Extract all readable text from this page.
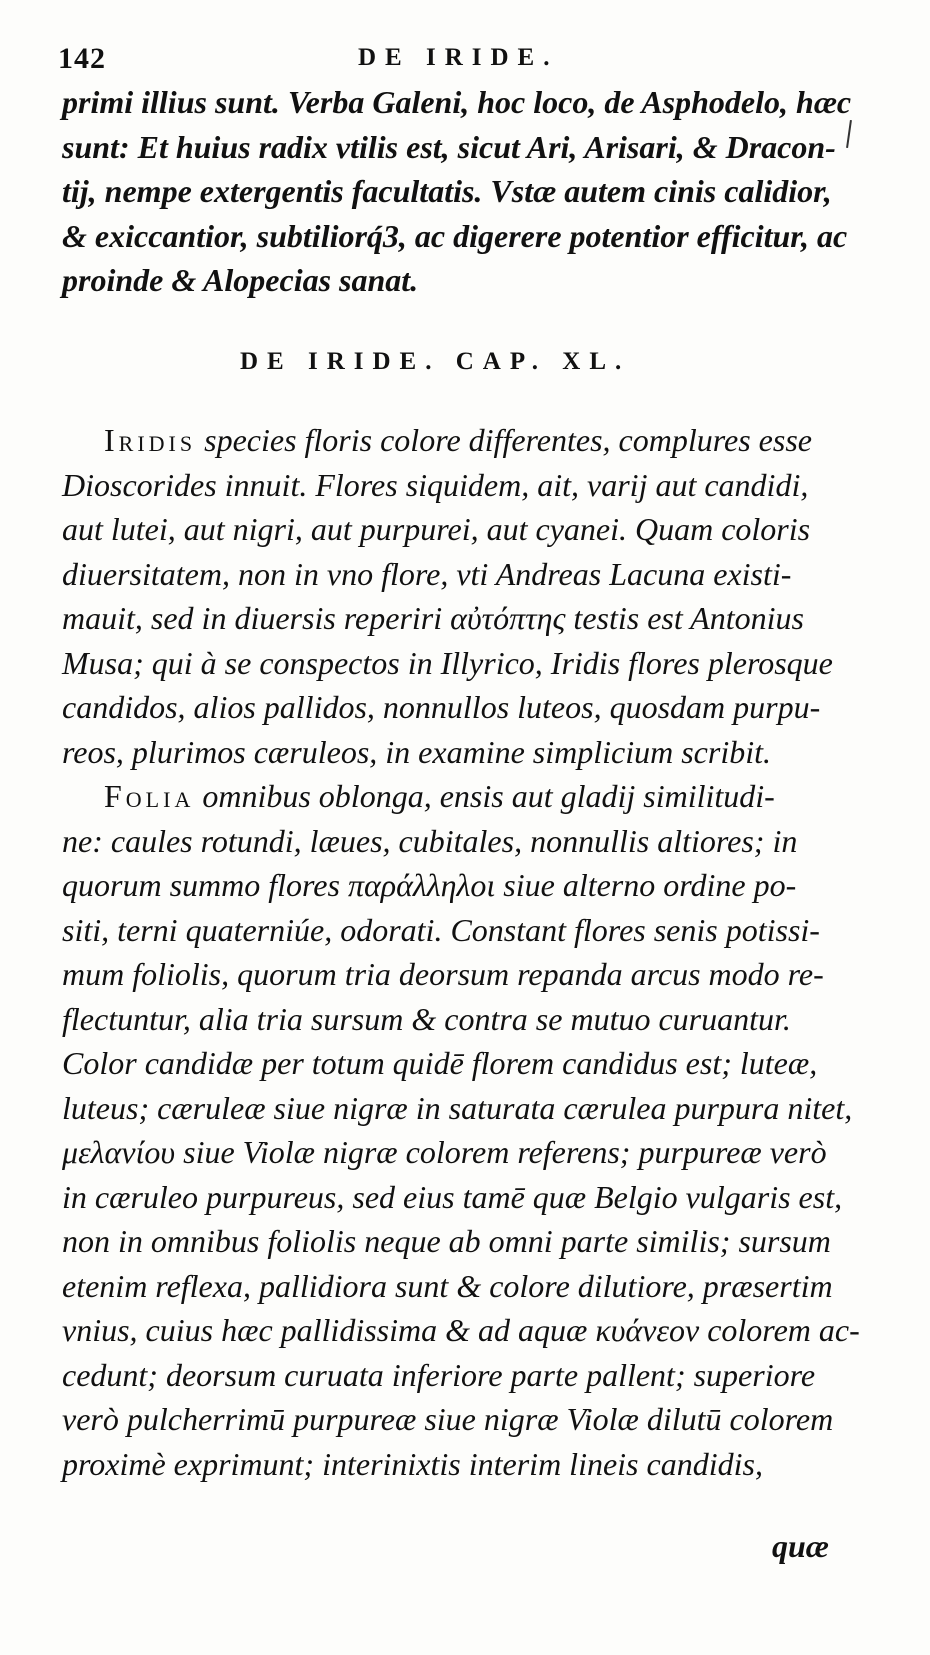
142	DE IRIDE.
primi illius sunt. Verba Galeni, hoc loco, de Asphodelo, hæc
sunt: Et huius radix vtilis est, sicut Ari, Arisari, & Dracon-
tij, nempe extergentis facultatis. Vstæ autem cinis calidior,
& exiccantior, subtiliorq́3, ac digerere potentior efficitur, ac
proinde & Alopecias sanat.
DE IRIDE. CAP. XL.
Iridis species floris colore differentes, complures esse
Dioscorides innuit. Flores siquidem, ait, varij aut candidi,
aut lutei, aut nigri, aut purpurei, aut cyanei. Quam coloris
diuersitatem, non in vno flore, vti Andreas Lacuna existi-
mauit, sed in diuersis reperiri αὐτόπτης testis est Antonius
Musa; qui à se conspectos in Illyrico, Iridis flores plerosque
candidos, alios pallidos, nonnullos luteos, quosdam purpu-
reos, plurimos cæruleos, in examine simplicium scribit.
Folia omnibus oblonga, ensis aut gladij similitudi-
ne: caules rotundi, læues, cubitales, nonnullis altiores; in
quorum summo flores παράλληλοι siue alterno ordine po-
siti, terni quaterniúe, odorati. Constant flores senis potissi-
mum foliolis, quorum tria deorsum repanda arcus modo re-
flectuntur, alia tria sursum & contra se mutuo curuantur.
Color candidæ per totum quidē florem candidus est; luteæ,
luteus; cæruleæ siue nigræ in saturata cærulea purpura nitet,
μελανίου siue Violæ nigræ colorem referens; purpureæ verò
in cæruleo purpureus, sed eius tamē quæ Belgio vulgaris est,
non in omnibus foliolis neque ab omni parte similis; sursum
etenim reflexa, pallidiora sunt & colore dilutiore, præsertim
vnius, cuius hæc pallidissima & ad aquæ κυάνεον colorem ac-
cedunt; deorsum curuata inferiore parte pallent; superiore
verò pulcherrimū purpureæ siue nigræ Violæ dilutū colorem
proximè exprimunt; interinixtis interim lineis candidis,
quæ
